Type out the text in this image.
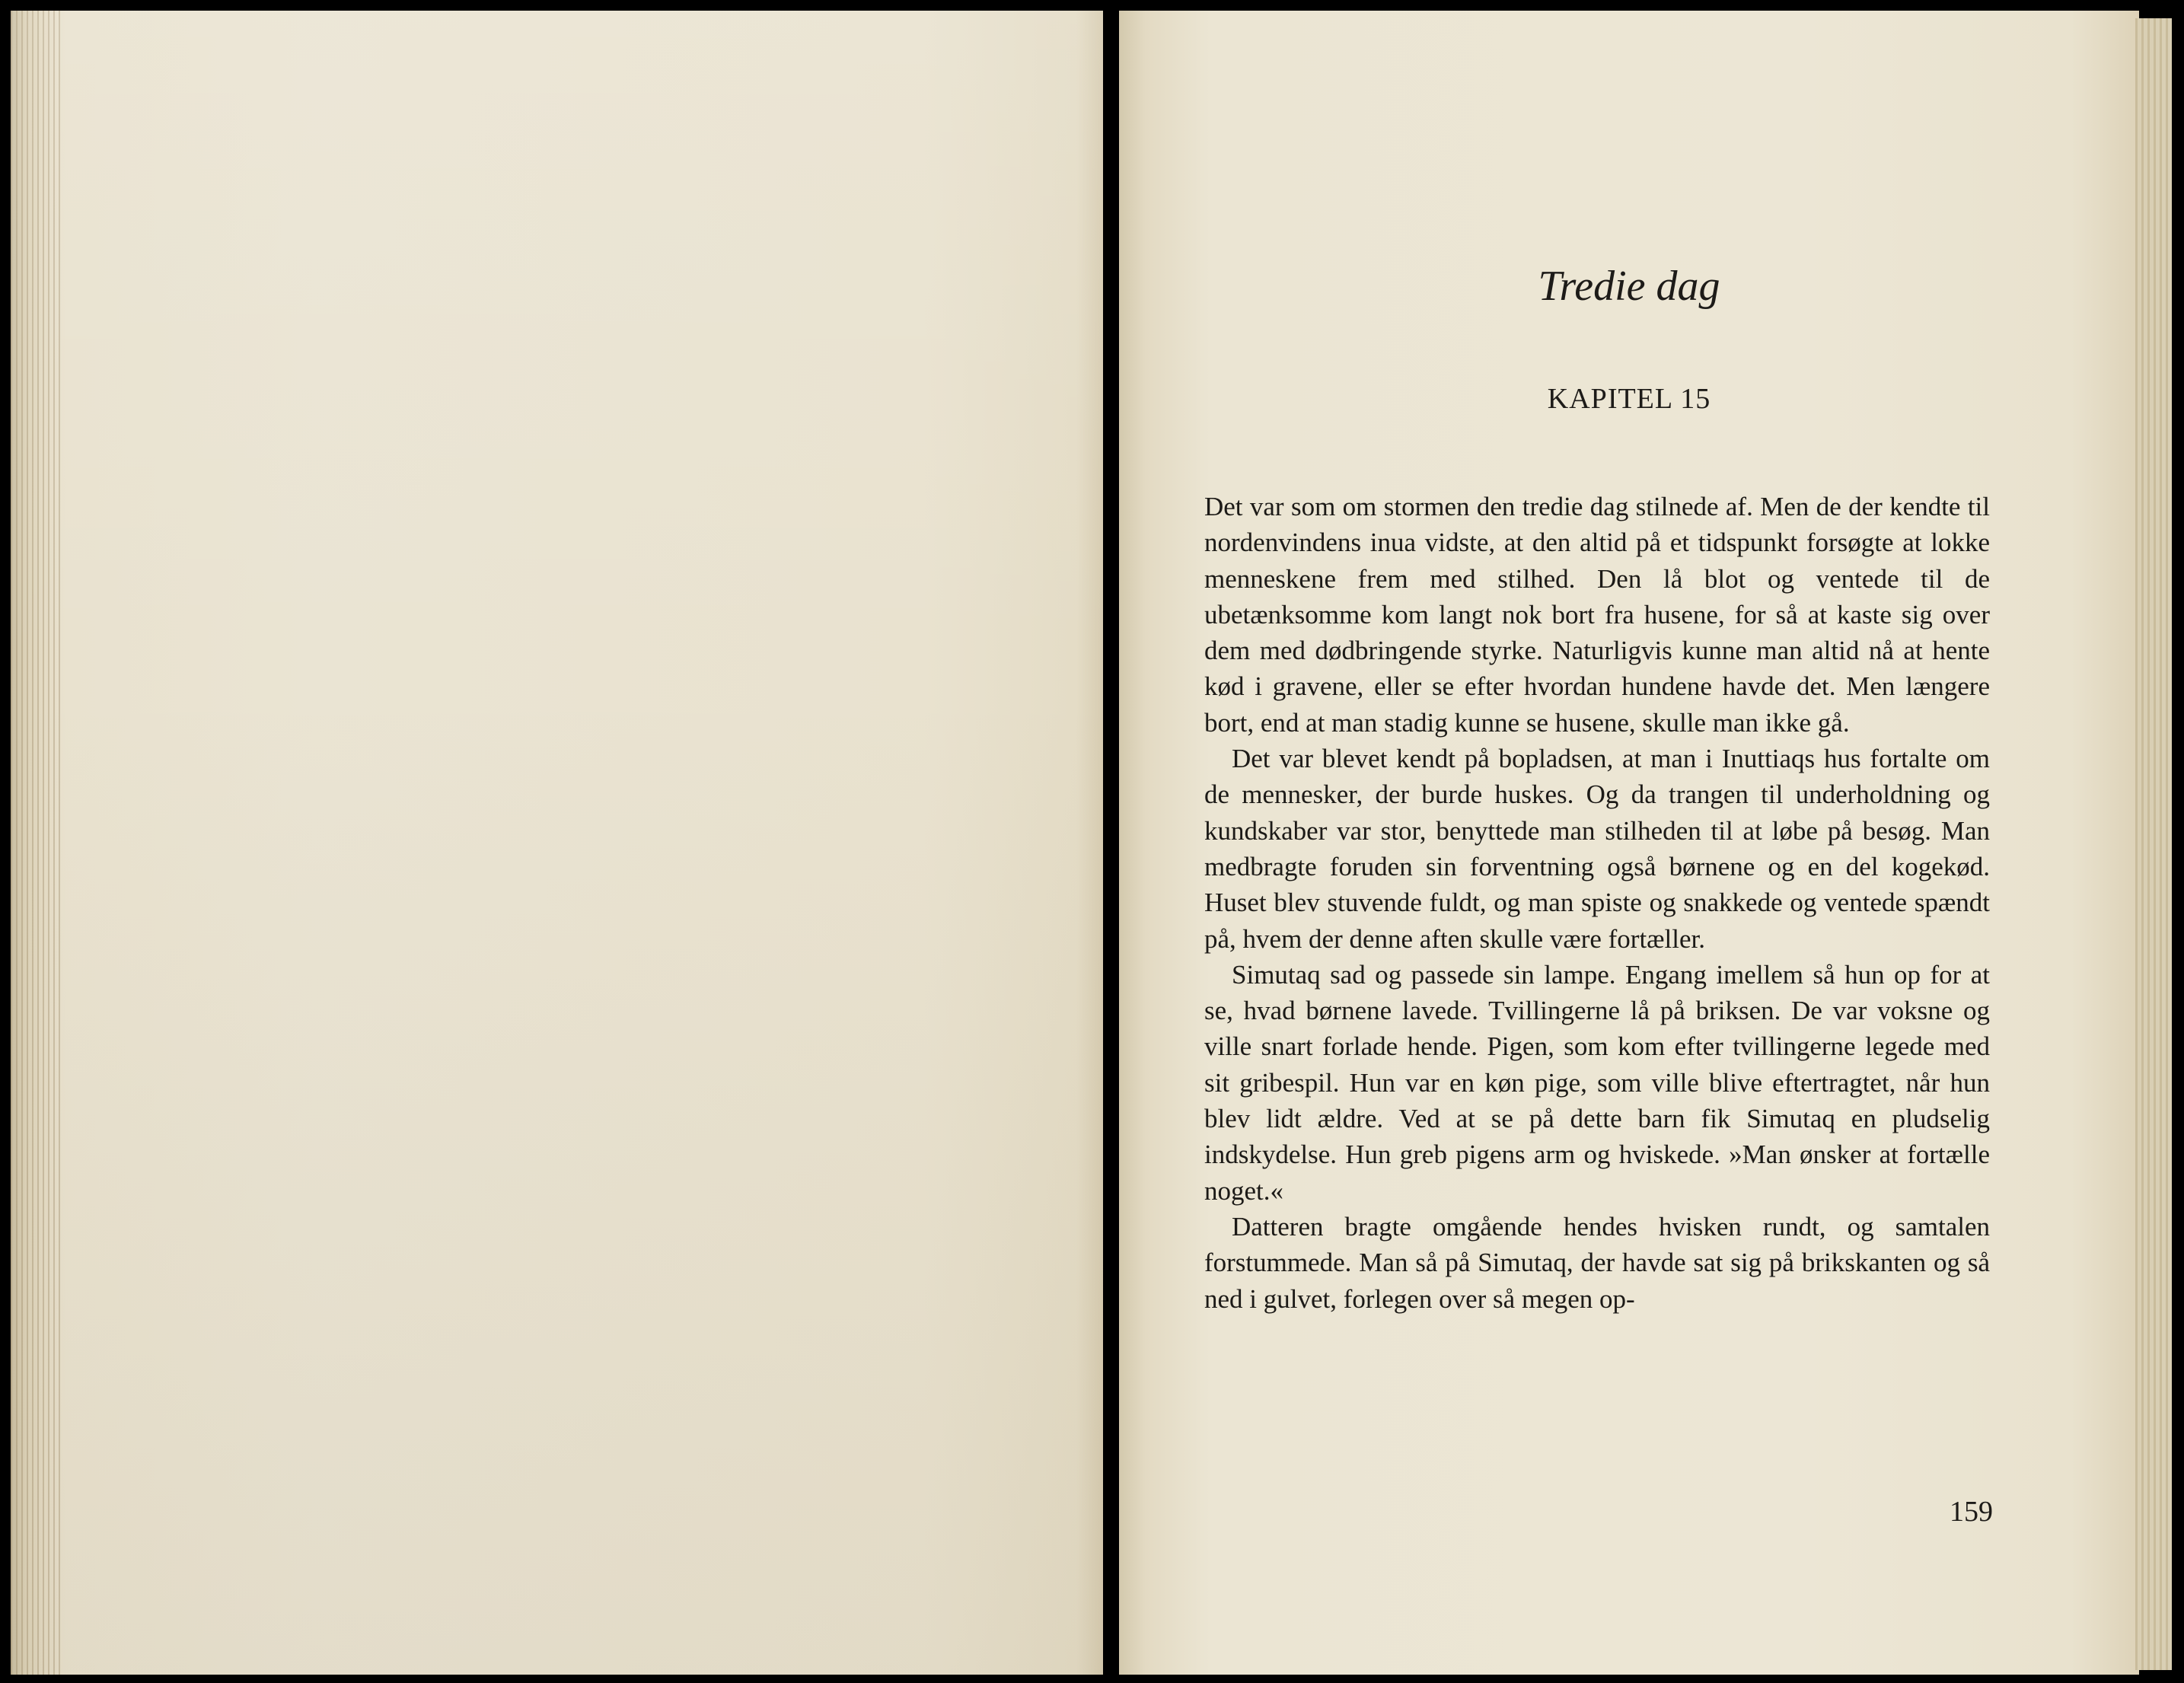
Tredie dag
KAPITEL 15

Det var som om stormen den tredie dag stilnede af. Men de der kendte til nordenvindens inua vidste, at den altid på et tidspunkt forsøgte at lokke menneskene frem med stilhed. Den lå blot og ventede til de ubetænksomme kom langt nok bort fra husene, for så at kaste sig over dem med dødbringende styrke. Naturligvis kunne man altid nå at hente kød i gravene, eller se efter hvordan hundene havde det. Men længere bort, end at man stadig kunne se husene, skulle man ikke gå.

Det var blevet kendt på bopladsen, at man i Inuttiaqs hus fortalte om de mennesker, der burde huskes. Og da trangen til underholdning og kundskaber var stor, benyttede man stilheden til at løbe på besøg. Man medbragte foruden sin forventning også børnene og en del kogekød. Huset blev stuvende fuldt, og man spiste og snakkede og ventede spændt på, hvem der denne aften skulle være fortæller.

Simutaq sad og passede sin lampe. Engang imellem så hun op for at se, hvad børnene lavede. Tvillingerne lå på briksen. De var voksne og ville snart forlade hende. Pigen, som kom efter tvillingerne legede med sit gribespil. Hun var en køn pige, som ville blive eftertragtet, når hun blev lidt ældre. Ved at se på dette barn fik Simutaq en pludselig indskydelse. Hun greb pigens arm og hviskede. »Man ønsker at fortælle noget.«

Datteren bragte omgående hendes hvisken rundt, og samtalen forstummede. Man så på Simutaq, der havde sat sig på brikskanten og så ned i gulvet, forlegen over så megen op-

159
